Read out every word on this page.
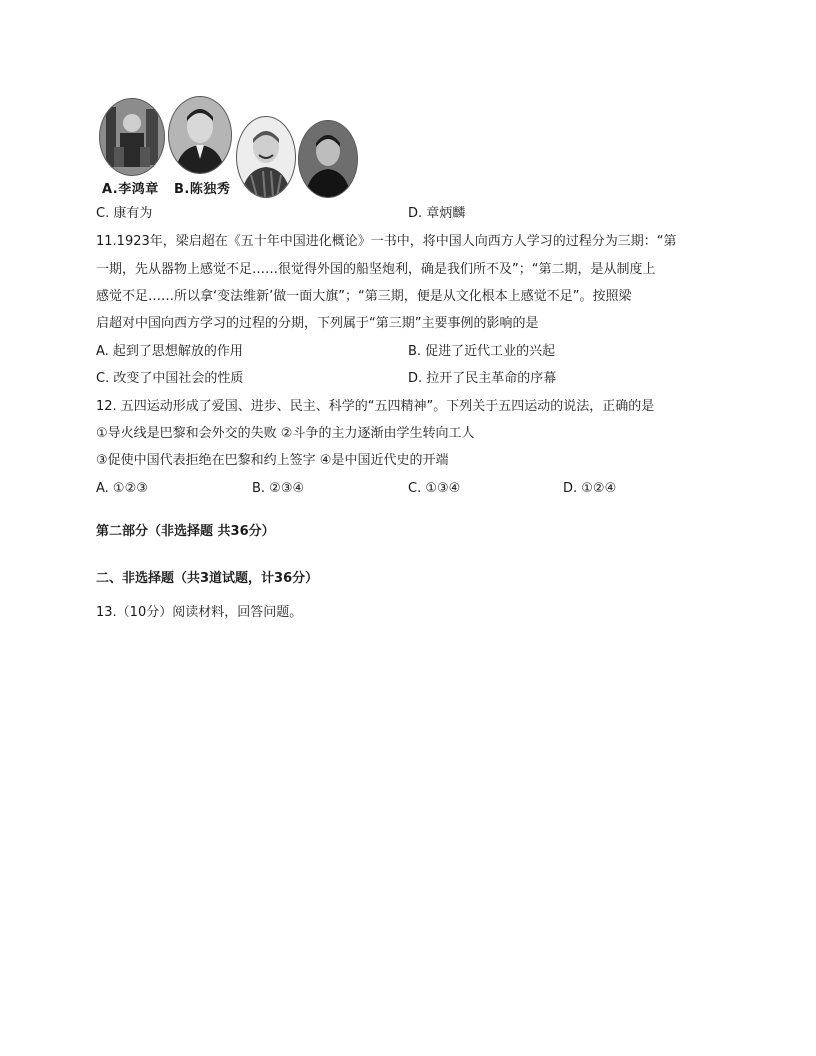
A.李鸿章 B.陈独秀
C. 康有为	D. 章炳麟
11.1923年，梁启超在《五十年中国进化概论》一书中，将中国人向西方人学习的过程分为三期：“第
一期，先从器物上感觉不足……很觉得外国的船坚炮利，确是我们所不及”；“第二期，是从制度上
感觉不足……所以拿‘变法维新’做一面大旗”；“第三期，便是从文化根本上感觉不足”。按照梁
启超对中国向西方学习的过程的分期，下列属于“第三期”主要事例的影响的是
A. 起到了思想解放的作用	B. 促进了近代工业的兴起
C. 改变了中国社会的性质	D. 拉开了民主革命的序幕
12. 五四运动形成了爱国、进步、民主、科学的“五四精神”。下列关于五四运动的说法，正确的是
①导火线是巴黎和会外交的失败 ②斗争的主力逐渐由学生转向工人
③促使中国代表拒绝在巴黎和约上签字 ④是中国近代史的开端
A. ①②③	B. ②③④	C. ①③④	D. ①②④
第二部分（非选择题 共36分）
二、非选择题（共3道试题，计36分）
13.（10分）阅读材料，回答问题。
